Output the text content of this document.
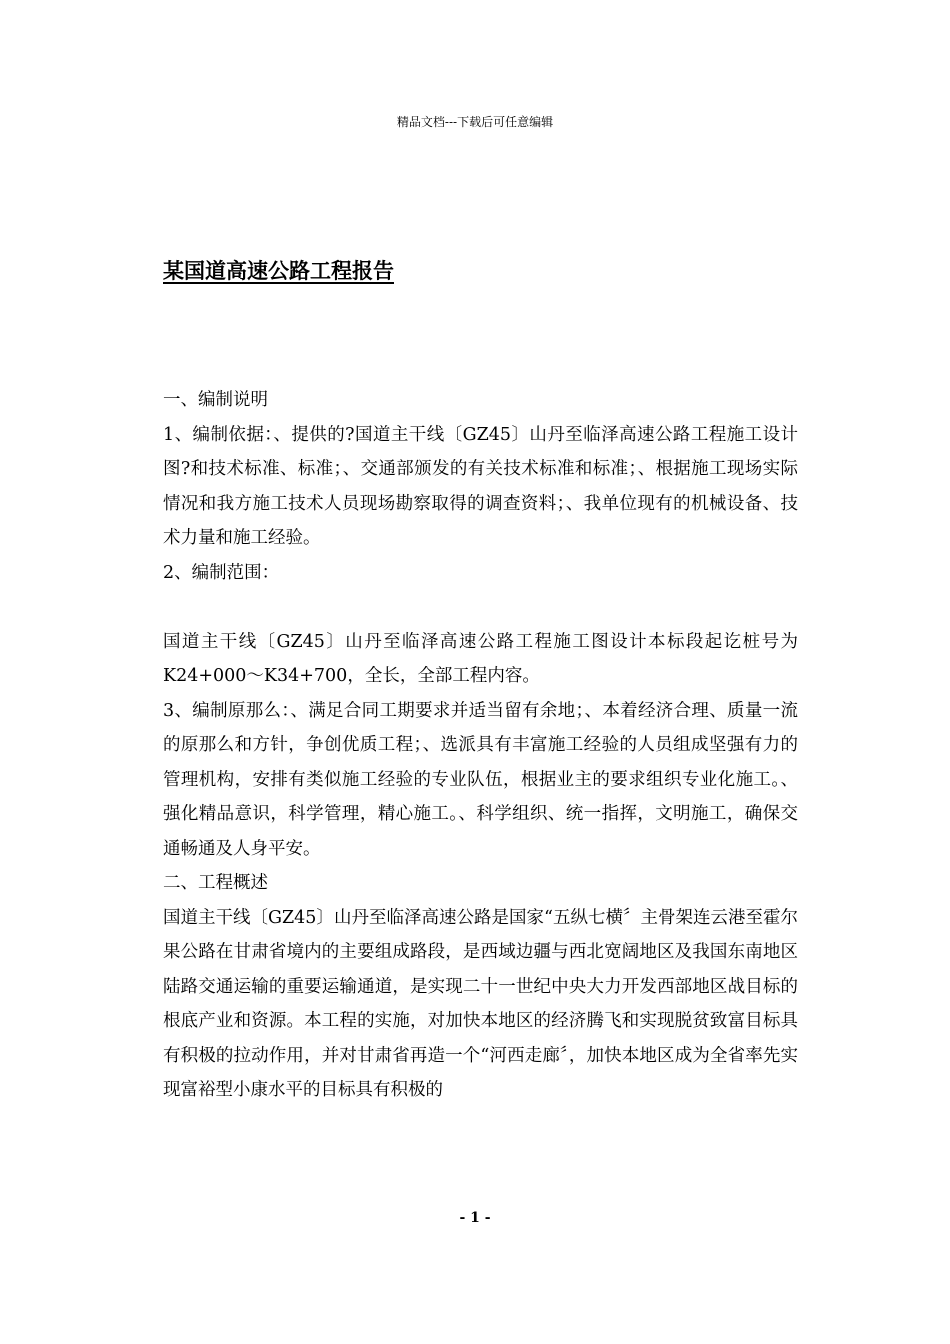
精品文档---下载后可任意编辑
某国道高速公路工程报告

一、编制说明

1、编制依据：、提供的?国道主干线〔GZ45〕山丹至临泽高速公路工程施工设计图?和技术标准、标准；、交通部颁发的有关技术标准和标准；、根据施工现场实际情况和我方施工技术人员现场勘察取得的调查资料；、我单位现有的机械设备、技术力量和施工经验。

2、编制范围：

国道主干线〔GZ45〕山丹至临泽高速公路工程施工图设计本标段起讫桩号为K24+000～K34+700，全长，全部工程内容。

3、编制原那么：、满足合同工期要求并适当留有余地；、本着经济合理、质量一流的原那么和方针，争创优质工程；、选派具有丰富施工经验的人员组成坚强有力的管理机构，安排有类似施工经验的专业队伍，根据业主的要求组织专业化施工。、强化精品意识，科学管理，精心施工。、科学组织、统一指挥，文明施工，确保交通畅通及人身平安。

二、工程概述

国道主干线〔GZ45〕山丹至临泽高速公路是国家“五纵七横〞主骨架连云港至霍尔果公路在甘肃省境内的主要组成路段，是西域边疆与西北宽阔地区及我国东南地区陆路交通运输的重要运输通道，是实现二十一世纪中央大力开发西部地区战目标的根底产业和资源。本工程的实施，对加快本地区的经济腾飞和实现脱贫致富目标具有积极的拉动作用，并对甘肃省再造一个“河西走廊〞，加快本地区成为全省率先实现富裕型小康水平的目标具有积极的

- 1 -
